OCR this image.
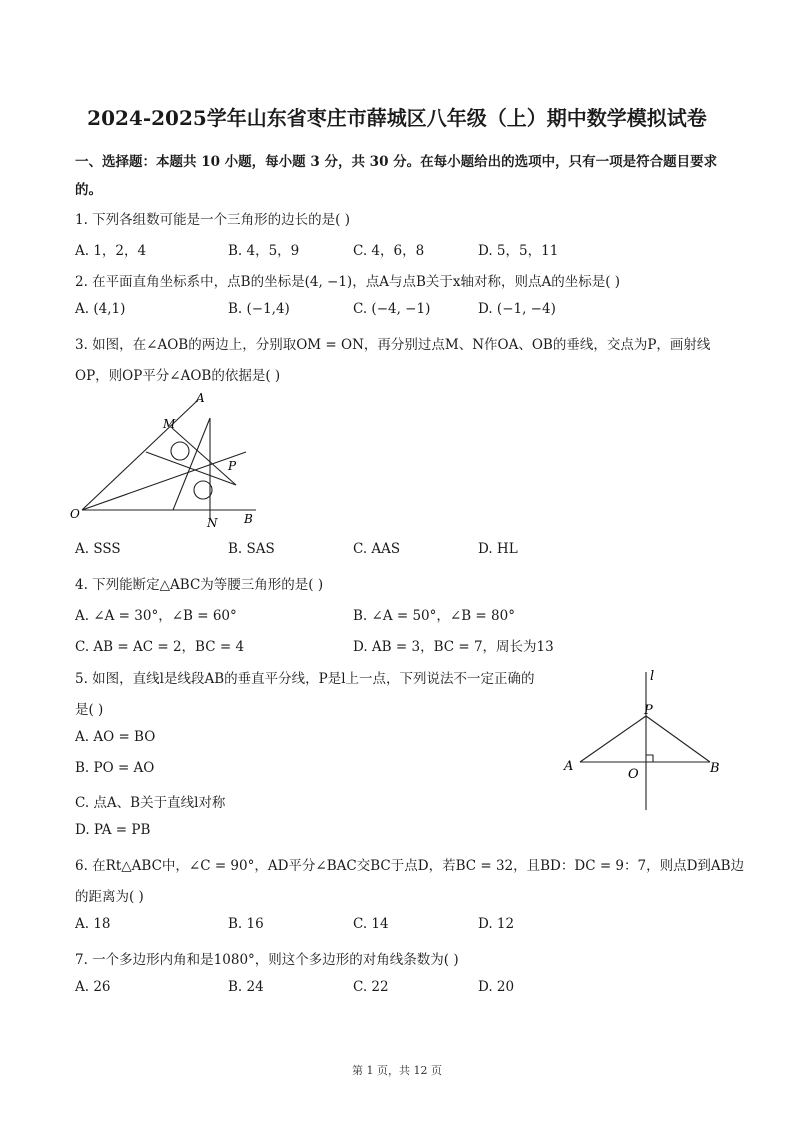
2024-2025学年山东省枣庄市薛城区八年级（上）期中数学模拟试卷
一、选择题：本题共 10 小题，每小题 3 分，共 30 分。在每小题给出的选项中，只有一项是符合题目要求
的。
1. 下列各组数可能是一个三角形的边长的是( )
A. 1，2，4	B. 4，5，9	C. 4，6，8	D. 5，5，11
2. 在平面直角坐标系中，点B的坐标是(4, −1)，点A与点B关于x轴对称，则点A的坐标是( )
A. (4,1)	B. (−1,4)	C. (−4, −1)	D. (−1, −4)
3. 如图，在∠AOB的两边上，分别取OM = ON，再分别过点M、N作OA、OB的垂线，交点为P，画射线
OP，则OP平分∠AOB的依据是( )
A
M
P
O
N B
A. SSS	B. SAS	C. AAS	D. HL
4. 下列能断定△ABC为等腰三角形的是( )
A. ∠A = 30°，∠B = 60°	B. ∠A = 50°，∠B = 80°
C. AB = AC = 2，BC = 4	D. AB = 3，BC = 7，周长为13
5. 如图，直线l是线段AB的垂直平分线，P是l上一点，下列说法不一定正确的
是( )
A. AO = BO
B. PO = AO
C. 点A、B关于直线l对称
D. PA = PB
l
P
A
O	B
6. 在Rt△ABC中，∠C = 90°，AD平分∠BAC交BC于点D，若BC = 32，且BD：DC = 9：7，则点D到AB边
的距离为( )
A. 18	B. 16	C. 14	D. 12
7. 一个多边形内角和是1080°，则这个多边形的对角线条数为( )
A. 26	B. 24	C. 22	D. 20
第 1 页，共 12 页
